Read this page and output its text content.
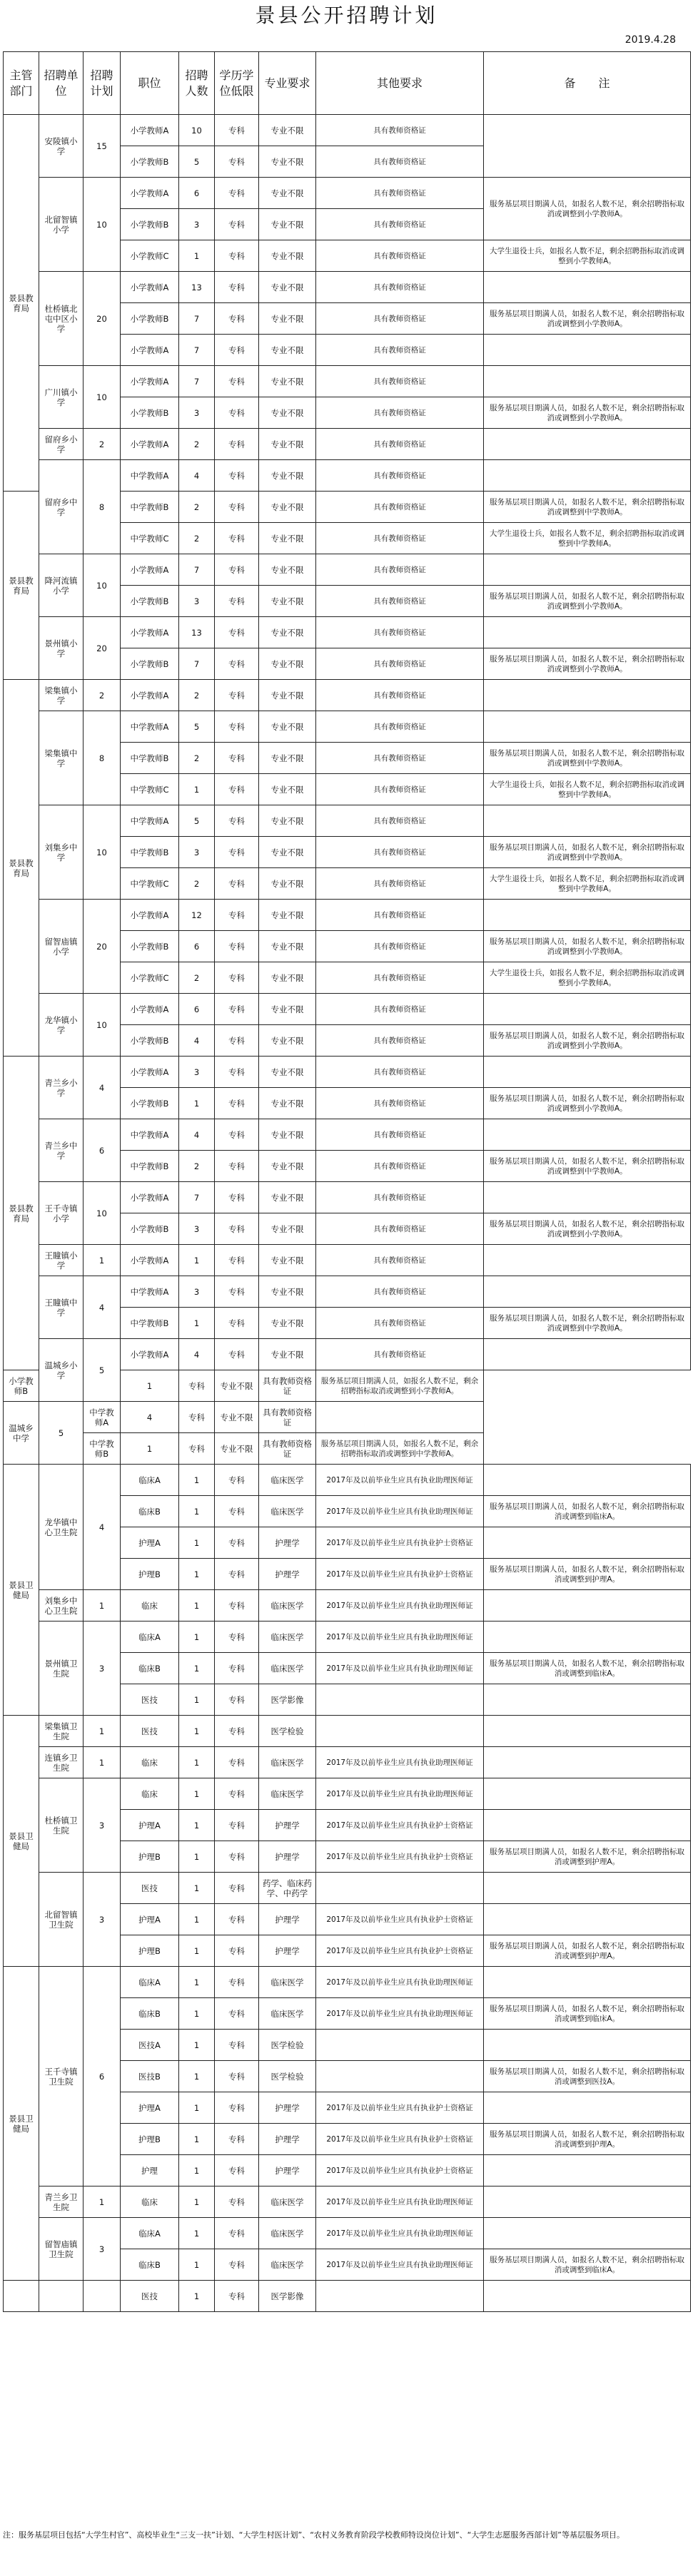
景县公开招聘计划
2019.4.28
主管部门	招聘单位	招聘计划	职位	招聘人数	学历学位低限	专业要求	其他要求	备　　注
景县教育局	安陵镇小学	15	小学教师A	10	专科	专业不限	具有教师资格证	
			小学教师B	5	专科	专业不限	具有教师资格证	
	北留智镇小学	10	小学教师A	6	专科	专业不限	具有教师资格证	服务基层项目期满人员，如报名人数不足，剩余招聘指标取消或调整到小学教师A。
			小学教师B	3	专科	专业不限	具有教师资格证	
			小学教师C	1	专科	专业不限	具有教师资格证	大学生退役士兵，如报名人数不足，剩余招聘指标取消或调整到小学教师A。
	杜桥镇北屯中区小学	20	小学教师A	13	专科	专业不限	具有教师资格证	
			小学教师B	7	专科	专业不限	具有教师资格证	服务基层项目期满人员，如报名人数不足，剩余招聘指标取消或调整到小学教师A。
			小学教师A	7	专科	专业不限	具有教师资格证	
	广川镇小学	10	小学教师A	7	专科	专业不限	具有教师资格证	
			小学教师B	3	专科	专业不限	具有教师资格证	服务基层项目期满人员，如报名人数不足，剩余招聘指标取消或调整到小学教师A。
	留府乡小学	2	小学教师A	2	专科	专业不限	具有教师资格证	
	留府乡中学	8	中学教师A	4	专科	专业不限	具有教师资格证	
景县教育局			中学教师B	2	专科	专业不限	具有教师资格证	服务基层项目期满人员，如报名人数不足，剩余招聘指标取消或调整到中学教师A。
			中学教师C	2	专科	专业不限	具有教师资格证	大学生退役士兵，如报名人数不足，剩余招聘指标取消或调整到中学教师A。
	降河流镇小学	10	小学教师A	7	专科	专业不限	具有教师资格证	
			小学教师B	3	专科	专业不限	具有教师资格证	服务基层项目期满人员，如报名人数不足，剩余招聘指标取消或调整到小学教师A。
	景州镇小学	20	小学教师A	13	专科	专业不限	具有教师资格证	
			小学教师B	7	专科	专业不限	具有教师资格证	服务基层项目期满人员，如报名人数不足，剩余招聘指标取消或调整到小学教师A。
景县教育局	梁集镇小学	2	小学教师A	2	专科	专业不限	具有教师资格证	
	梁集镇中学	8	中学教师A	5	专科	专业不限	具有教师资格证	
			中学教师B	2	专科	专业不限	具有教师资格证	服务基层项目期满人员，如报名人数不足，剩余招聘指标取消或调整到中学教师A。
			中学教师C	1	专科	专业不限	具有教师资格证	大学生退役士兵，如报名人数不足，剩余招聘指标取消或调整到中学教师A。
	刘集乡中学	10	中学教师A	5	专科	专业不限	具有教师资格证	
			中学教师B	3	专科	专业不限	具有教师资格证	服务基层项目期满人员，如报名人数不足，剩余招聘指标取消或调整到中学教师A。
			中学教师C	2	专科	专业不限	具有教师资格证	大学生退役士兵，如报名人数不足，剩余招聘指标取消或调整到中学教师A。
	留智庙镇小学	20	小学教师A	12	专科	专业不限	具有教师资格证	
			小学教师B	6	专科	专业不限	具有教师资格证	服务基层项目期满人员，如报名人数不足，剩余招聘指标取消或调整到小学教师A。
			小学教师C	2	专科	专业不限	具有教师资格证	大学生退役士兵，如报名人数不足，剩余招聘指标取消或调整到小学教师A。
	龙华镇小学	10	小学教师A	6	专科	专业不限	具有教师资格证	
			小学教师B	4	专科	专业不限	具有教师资格证	服务基层项目期满人员，如报名人数不足，剩余招聘指标取消或调整到小学教师A。
景县教育局	青兰乡小学	4	小学教师A	3	专科	专业不限	具有教师资格证	
			小学教师B	1	专科	专业不限	具有教师资格证	服务基层项目期满人员，如报名人数不足，剩余招聘指标取消或调整到小学教师A。
	青兰乡中学	6	中学教师A	4	专科	专业不限	具有教师资格证	
			中学教师B	2	专科	专业不限	具有教师资格证	服务基层项目期满人员，如报名人数不足，剩余招聘指标取消或调整到中学教师A。
	王千寺镇小学	10	小学教师A	7	专科	专业不限	具有教师资格证	
			小学教师B	3	专科	专业不限	具有教师资格证	服务基层项目期满人员，如报名人数不足，剩余招聘指标取消或调整到小学教师A。
	王瞳镇小学	1	小学教师A	1	专科	专业不限	具有教师资格证	
	王瞳镇中学	4	中学教师A	3	专科	专业不限	具有教师资格证	
			中学教师B	1	专科	专业不限	具有教师资格证	服务基层项目期满人员，如报名人数不足，剩余招聘指标取消或调整到中学教师A。
	温城乡小学	5	小学教师A	4	专科	专业不限	具有教师资格证	
小学教师B			1	专科	专业不限	具有教师资格证	服务基层项目期满人员，如报名人数不足，剩余招聘指标取消或调整到小学教师A。	
温城乡中学	5	中学教师A	4	专科	专业不限	具有教师资格证		
		中学教师B	1	专科	专业不限	具有教师资格证	服务基层项目期满人员，如报名人数不足，剩余招聘指标取消或调整到中学教师A。	
景县卫健局	龙华镇中心卫生院	4	临床A	1	专科	临床医学	2017年及以前毕业生应具有执业助理医师证	
			临床B	1	专科	临床医学	2017年及以前毕业生应具有执业助理医师证	服务基层项目期满人员，如报名人数不足，剩余招聘指标取消或调整到临床A。
			护理A	1	专科	护理学	2017年及以前毕业生应具有执业护士资格证	
			护理B	1	专科	护理学	2017年及以前毕业生应具有执业护士资格证	服务基层项目期满人员，如报名人数不足，剩余招聘指标取消或调整到护理A。
	刘集乡中心卫生院	1	临床	1	专科	临床医学	2017年及以前毕业生应具有执业助理医师证	
	景州镇卫生院	3	临床A	1	专科	临床医学	2017年及以前毕业生应具有执业助理医师证	
			临床B	1	专科	临床医学	2017年及以前毕业生应具有执业助理医师证	服务基层项目期满人员，如报名人数不足，剩余招聘指标取消或调整到临床A。
			医技	1	专科	医学影像		
景县卫健局	梁集镇卫生院	1	医技	1	专科	医学检验		
	连镇乡卫生院	1	临床	1	专科	临床医学	2017年及以前毕业生应具有执业助理医师证	
	杜桥镇卫生院	3	临床	1	专科	临床医学	2017年及以前毕业生应具有执业助理医师证	
			护理A	1	专科	护理学	2017年及以前毕业生应具有执业护士资格证	
			护理B	1	专科	护理学	2017年及以前毕业生应具有执业护士资格证	服务基层项目期满人员，如报名人数不足，剩余招聘指标取消或调整到护理A。
	北留智镇卫生院	3	医技	1	专科	药学、临床药学、中药学		
			护理A	1	专科	护理学	2017年及以前毕业生应具有执业护士资格证	
			护理B	1	专科	护理学	2017年及以前毕业生应具有执业护士资格证	服务基层项目期满人员，如报名人数不足，剩余招聘指标取消或调整到护理A。
景县卫健局	王千寺镇卫生院	6	临床A	1	专科	临床医学	2017年及以前毕业生应具有执业助理医师证	
			临床B	1	专科	临床医学	2017年及以前毕业生应具有执业助理医师证	服务基层项目期满人员，如报名人数不足，剩余招聘指标取消或调整到临床A。
			医技A	1	专科	医学检验		
			医技B	1	专科	医学检验		服务基层项目期满人员，如报名人数不足，剩余招聘指标取消或调整到医技A。
			护理A	1	专科	护理学	2017年及以前毕业生应具有执业护士资格证	
			护理B	1	专科	护理学	2017年及以前毕业生应具有执业护士资格证	服务基层项目期满人员，如报名人数不足，剩余招聘指标取消或调整到护理A。
			护理	1	专科	护理学	2017年及以前毕业生应具有执业护士资格证	
	青兰乡卫生院	1	临床	1	专科	临床医学	2017年及以前毕业生应具有执业助理医师证	
	留智庙镇卫生院	3	临床A	1	专科	临床医学	2017年及以前毕业生应具有执业助理医师证	
			临床B	1	专科	临床医学	2017年及以前毕业生应具有执业助理医师证	服务基层项目期满人员，如报名人数不足，剩余招聘指标取消或调整到临床A。
			医技	1	专科	医学影像		
注：服务基层项目包括“大学生村官”、高校毕业生“三支一扶”计划、“大学生村医计划”、“农村义务教育阶段学校教师特设岗位计划”、“大学生志愿服务西部计划”等基层服务项目。
